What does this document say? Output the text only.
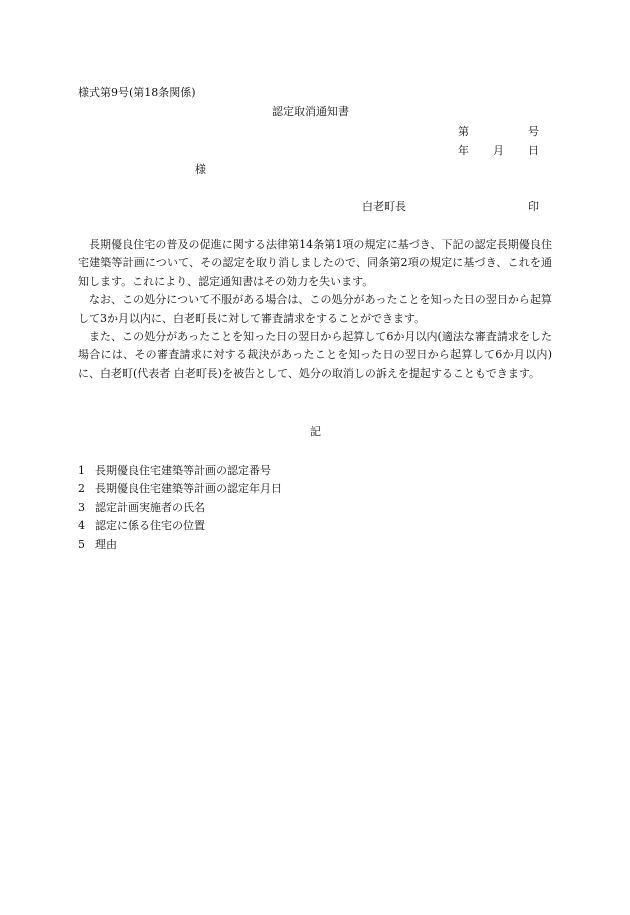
様式第9号(第18条関係)
認定取消通知書
第	号
年 月 日
様
白老町長	印

長期優良住宅の普及の促進に関する法律第14条第1項の規定に基づき、下記の認定長期優良住宅建築等計画について、その認定を取り消しましたので、同条第2項の規定に基づき、これを通知します。これにより、認定通知書はその効力を失います。

なお、この処分について不服がある場合は、この処分があったことを知った日の翌日から起算して3か月以内に、白老町長に対して審査請求をすることができます。

また、この処分があったことを知った日の翌日から起算して6か月以内(適法な審査請求をした場合には、その審査請求に対する裁決があったことを知った日の翌日から起算して6か月以内)に、白老町(代表者 白老町長)を被告として、処分の取消しの訴えを提起することもできます。

記
1 長期優良住宅建築等計画の認定番号
2 長期優良住宅建築等計画の認定年月日
3 認定計画実施者の氏名
4 認定に係る住宅の位置
5 理由
